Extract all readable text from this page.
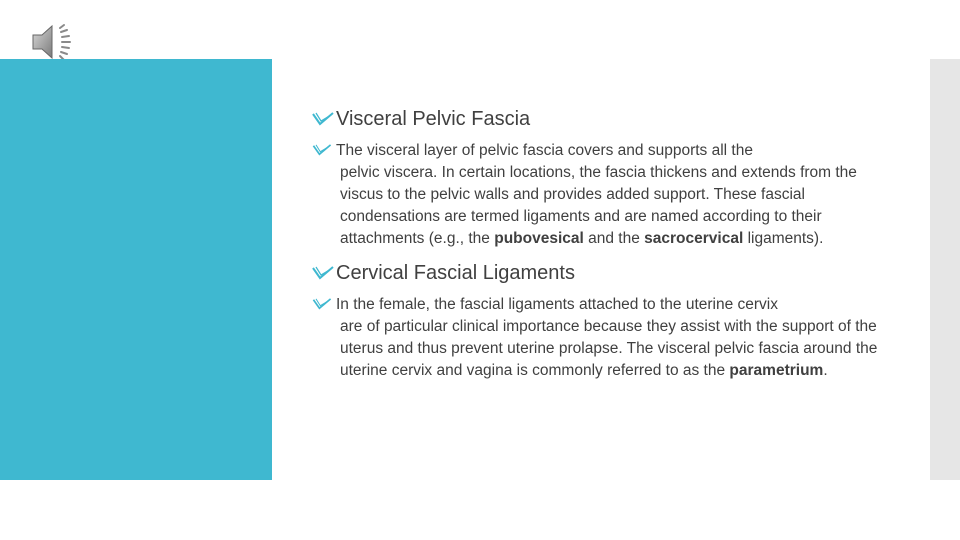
Visceral Pelvic Fascia
The visceral layer of pelvic fascia covers and supports all the
pelvic viscera. In certain locations, the fascia thickens and extends from the viscus to the pelvic walls and provides added support. These fascial condensations are termed ligaments and are named according to their attachments (e.g., the pubovesical and the sacrocervical ligaments).
Cervical Fascial Ligaments
In the female, the fascial ligaments attached to the uterine cervix
are of particular clinical importance because they assist with the support of the uterus and thus prevent uterine prolapse. The visceral pelvic fascia around the uterine cervix and vagina is commonly referred to as the parametrium.
